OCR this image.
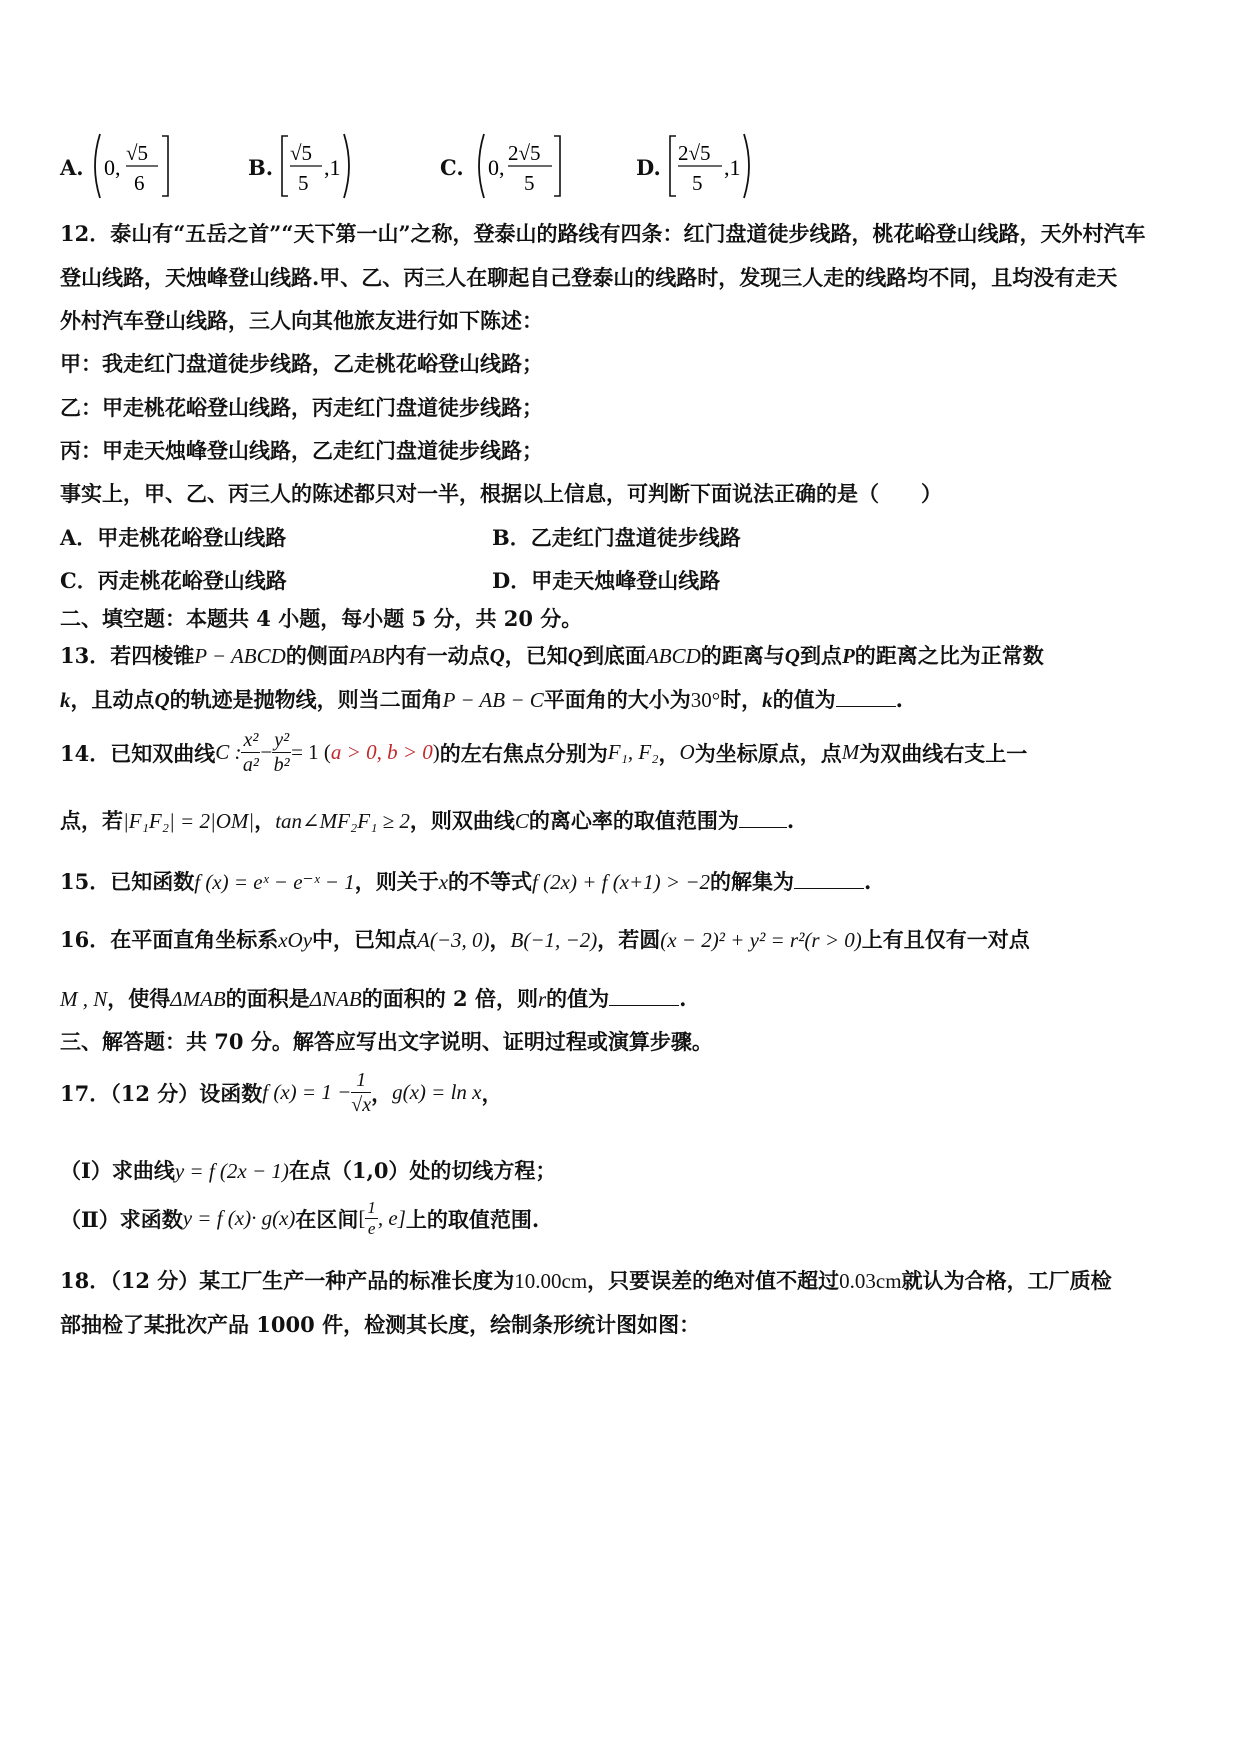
A. 0,
√5
6
B.
√5
5
,1	C. 0,
2√5
5
D.
2√5
5
,1
12．泰山有“五岳之首”“天下第一山”之称，登泰山的路线有四条：红门盘道徒步线路，桃花峪登山线路，天外村汽车
登山线路，天烛峰登山线路.甲、乙、丙三人在聊起自己登泰山的线路时，发现三人走的线路均不同，且均没有走天
外村汽车登山线路，三人向其他旅友进行如下陈述：
甲：我走红门盘道徒步线路，乙走桃花峪登山线路；
乙：甲走桃花峪登山线路，丙走红门盘道徒步线路；
丙：甲走天烛峰登山线路，乙走红门盘道徒步线路；
事实上，甲、乙、丙三人的陈述都只对一半，根据以上信息，可判断下面说法正确的是（　　）
A．甲走桃花峪登山线路	B．乙走红门盘道徒步线路
C．丙走桃花峪登山线路	D．甲走天烛峰登山线路
二、填空题：本题共 4 小题，每小题 5 分，共 20 分。
13．若四棱锥P − ABCD的侧面PAB内有一动点Q，已知Q到底面ABCD的距离与Q到点P的距离之比为正常数
k，且动点Q的轨迹是抛物线，则当二面角P − AB − C平面角的大小为30°时，k的值为	.
14．已知双曲线C : $\frac{\text{x²}}{\text{a²}} - \frac{\text{y²}}{\text{b²}} = 1$ (a > 0, b > 0)的左右焦点分别为F₁, F₂，O为坐标原点，点M为双曲线右支上一
点，若|F₁F₂| = 2|OM|，tan∠MF₂F₁ ≥ 2，则双曲线C的离心率的取值范围为 .
15．已知函数f (x) = eˣ − e⁻ˣ − 1，则关于x的不等式f (2x) + f (x+1) > −2的解集为	.
16．在平面直角坐标系xOy中，已知点A(−3, 0)，B(−1, −2)，若圆(x − 2)² + y² = r²(r > 0)上有且仅有一对点
M , N，使得ΔMAB的面积是ΔNAB的面积的 2 倍，则r的值为	.
三、解答题：共 70 分。解答应写出文字说明、证明过程或演算步骤。
17．（12 分）设函数f $(x) = 1 - \frac{1}{√x}$ ，g(x) = ln x，
（Ⅰ）求曲线y = f (2x − 1)在点（1,0）处的切线方程；
（Ⅱ）求函数y = f (x)· g(x)在区间[ $\frac{1}{e}$ , e]上的取值范围.
18．（12 分）某工厂生产一种产品的标准长度为10.00cm，只要误差的绝对值不超过0.03cm就认为合格，工厂质检
部抽检了某批次产品 1000 件，检测其长度，绘制条形统计图如图：
